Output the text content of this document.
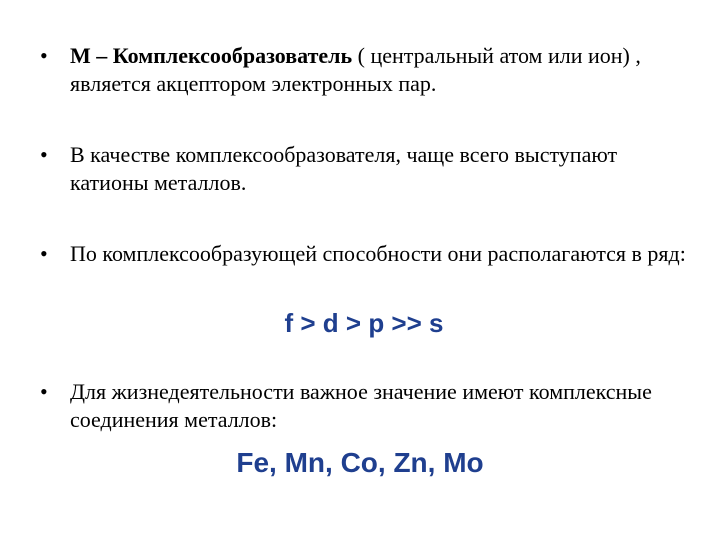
•	М – Комплексообразователь ( центральный атом или ион) , является акцептором электронных пар.
•	В качестве комплексообразователя, чаще всего выступают катионы металлов.
•	По комплексообразующей способности они располагаются в ряд:
f > d > p >> s
•	Для жизнедеятельности важное значение имеют комплексные соединения металлов:
Fe, Mn, Co, Zn, Mo
